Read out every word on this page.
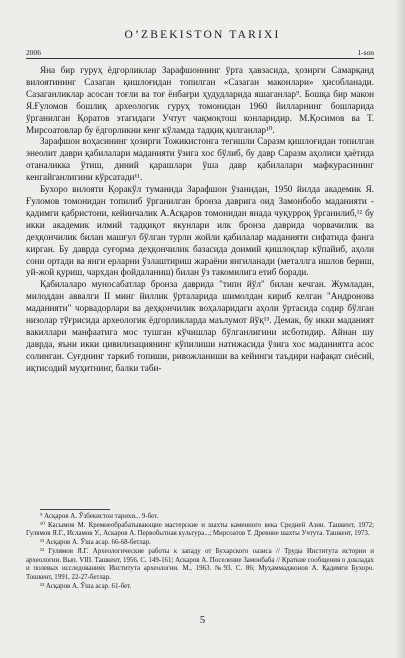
O’ZBEKISTON TARIXI
2006	1-son

Яна бир гуруҳ ёдгорликлар Зарафшоннинг ўрта ҳавзасида, ҳозирги Самарқанд вилоятининг Сазаган қишлоғидан топилган «Сазаган маконлари» ҳисобланади. Сазаганликлар асосан тоғли ва тоғ ёнбағри ҳудудларида яшаганлар⁹. Бошқа бир макон Я.Ғуломов бошлиқ археологик гуруҳ томонидан 1960 йилларнинг бошларида ўрганилган Қоратов этагидаги Учтут чақмоқтош конларидир. М.Қосимов ва Т. Мирсоатовлар бу ёдгорликни кенг кўламда тадқиқ қилганлар¹⁰.

Зарафшон воҳасининг ҳозирги Тожикистонга тегишли Саразм қишлоғидан топилган энеолит даври қабилалари маданияти ўзига хос бўлиб, бу давр Саразм аҳолиси ҳаётида отаналикка ўтиш, диний қарашлари ўша давр қабилалари мафкурасининг кенгайганлигини кўрсатади¹¹.

Бухоро вилояти Қоракўл туманида Зарафшон ўзанидан, 1950 йилда академик Я. Ғуломов томонидан топилиб ўрганилган бронза даврига оид Замонбобо маданияти - қадимги қабристони, кейинчалик А.Асқаров томонидан янада чуқурроқ ўрганилиб,¹² бу икки академик илмий тадқиқот якунлари илк бронза даврида чорвачилик ва деҳқончилик билан машғул бўлган турли жойли қабилалар маданияти сифатида фанга кирган. Бу даврда суғорма деҳқончилик базасида доимий қишлоқлар кўпайиб, аҳоли сони ортади ва янги ерларни ўзлаштириш жараёни янгиланади (металлга ишлов бериш, уй-жой қуриш, чархдан фойдаланиш) билан ўз такомилига етиб боради.

Қабилаларо муносабатлар бронза даврида "типн йўл" билан кечган. Жумладан, милоддан аввалги II минг йиллик ўрталарида шимолдан кириб келган "Андронова маданияти" чорвадорлари ва деҳқончилик воҳаларидаги аҳоли ўртасида содир бўлган низолар тўғрисида археологик ёдгорликларда маълумот йўқ¹³. Демак, бу икки маданият вакиллари манфаатига мос тушган кўчишлар бўлганлигини исботидир. Айнан шу даврда, яъни икки цивилизациянинг кўпилиши натижасида ўзига хос маданиятга асос солинган. Суғднинг таркиб топиши, ривожланиши ва кейинги таъдири нафақат сиёсий, иқтисодий муҳитнинг, балки таби-

⁹ Асқаров А. Ўзбекистон тарихи... 9-бет.

¹⁰ Касымов М. Кремнеобрабатывающие мастерские и шахты каменного века Средней Азии. Ташкент, 1972; Гулямов Я.Г., Исламов У., Аскаров А. Первобытная культура...; Мирсоатов Т. Древние шахты Учтута. Ташкент, 1973.

¹¹ Асқаров А. Ўша асар. 66-68-бетлар.

¹² Гулямов Я.Г. Археологические работы к западу от Бухарского оазиса // Труды Института истории и археологии. Вып. VIII. Ташкент, 1956. С. 149-161; Аскаров А. Поселение Замонбаба // Краткие сообщения о докладах и полевых исследованиях Института археологии. М., 1963. №93. С. 86; Муҳаммаджонов А. Қадимги Бухоро. Тошкент, 1991, 22-27-бетлар.

¹³ Асқаров А. Ўша асар. 61-бет.

5
